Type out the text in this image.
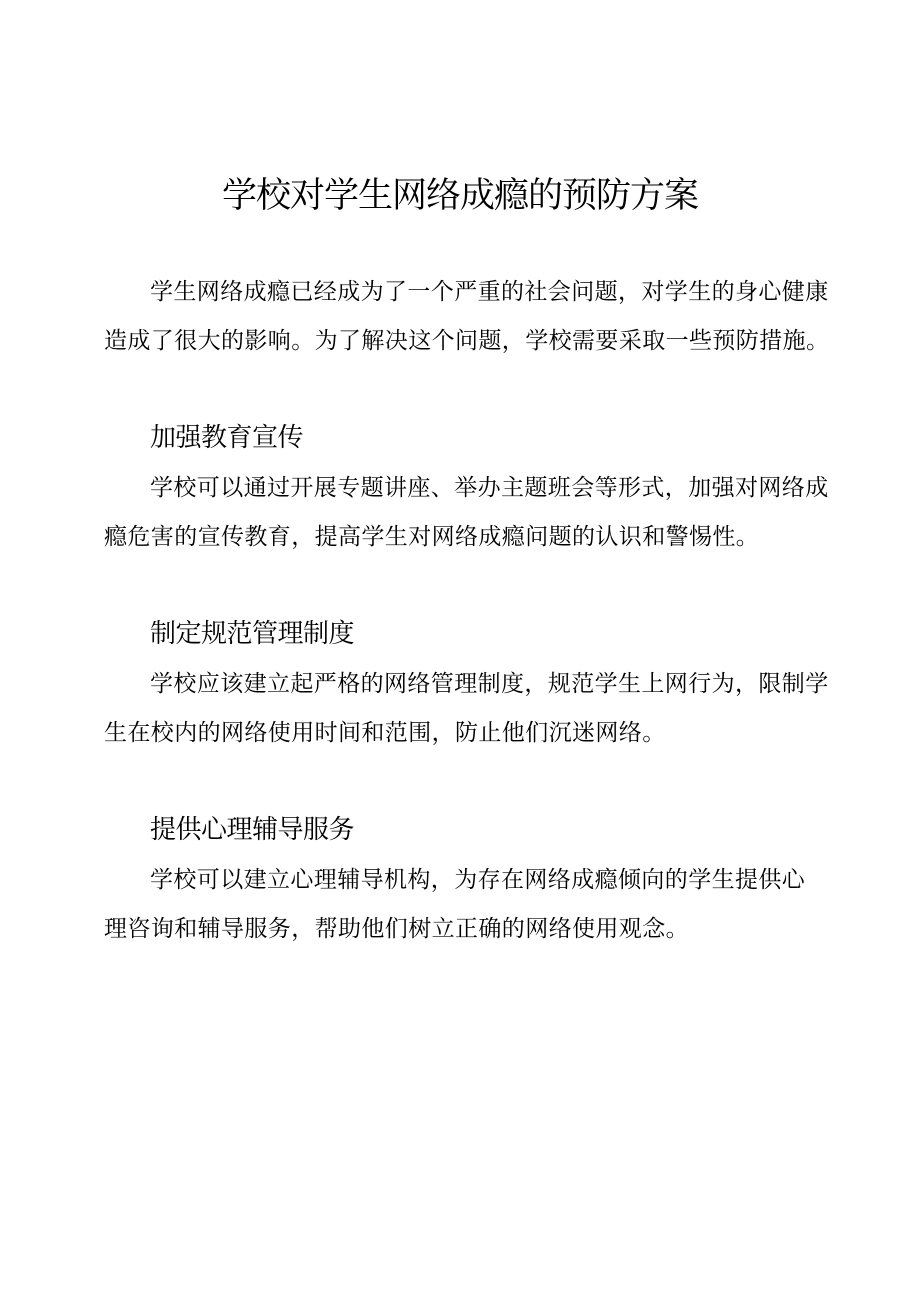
学校对学生网络成瘾的预防方案
学生网络成瘾已经成为了一个严重的社会问题，对学生的身心健康
造成了很大的影响。为了解决这个问题，学校需要采取一些预防措施。
加强教育宣传
学校可以通过开展专题讲座、举办主题班会等形式，加强对网络成
瘾危害的宣传教育，提高学生对网络成瘾问题的认识和警惕性。
制定规范管理制度
学校应该建立起严格的网络管理制度，规范学生上网行为，限制学
生在校内的网络使用时间和范围，防止他们沉迷网络。
提供心理辅导服务
学校可以建立心理辅导机构，为存在网络成瘾倾向的学生提供心
理咨询和辅导服务，帮助他们树立正确的网络使用观念。
